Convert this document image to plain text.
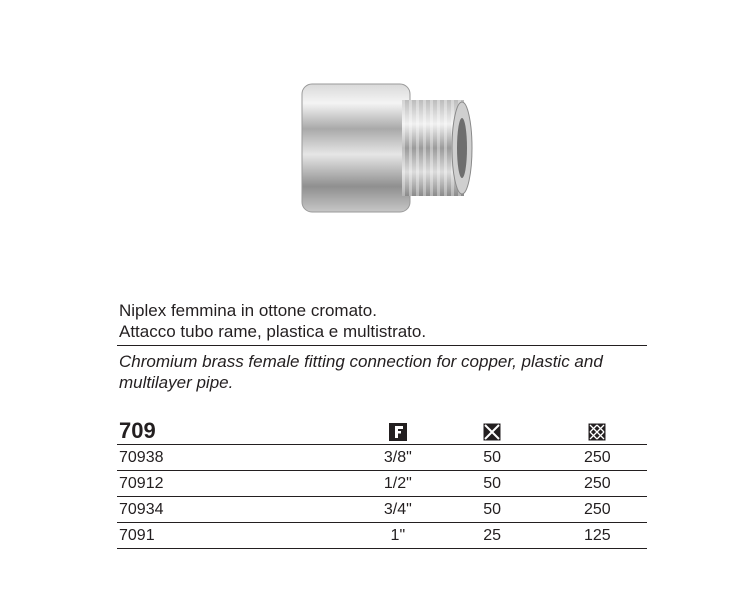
Niplex femmina in ottone cromato.
Attacco tubo rame, plastica e multistrato.
Chromium brass female fitting connection for copper, plastic and multilayer pipe.
709				
70938		3/8"	50	250
70912		1/2"	50	250
70934		3/4"	50	250
7091		1"	25	125
